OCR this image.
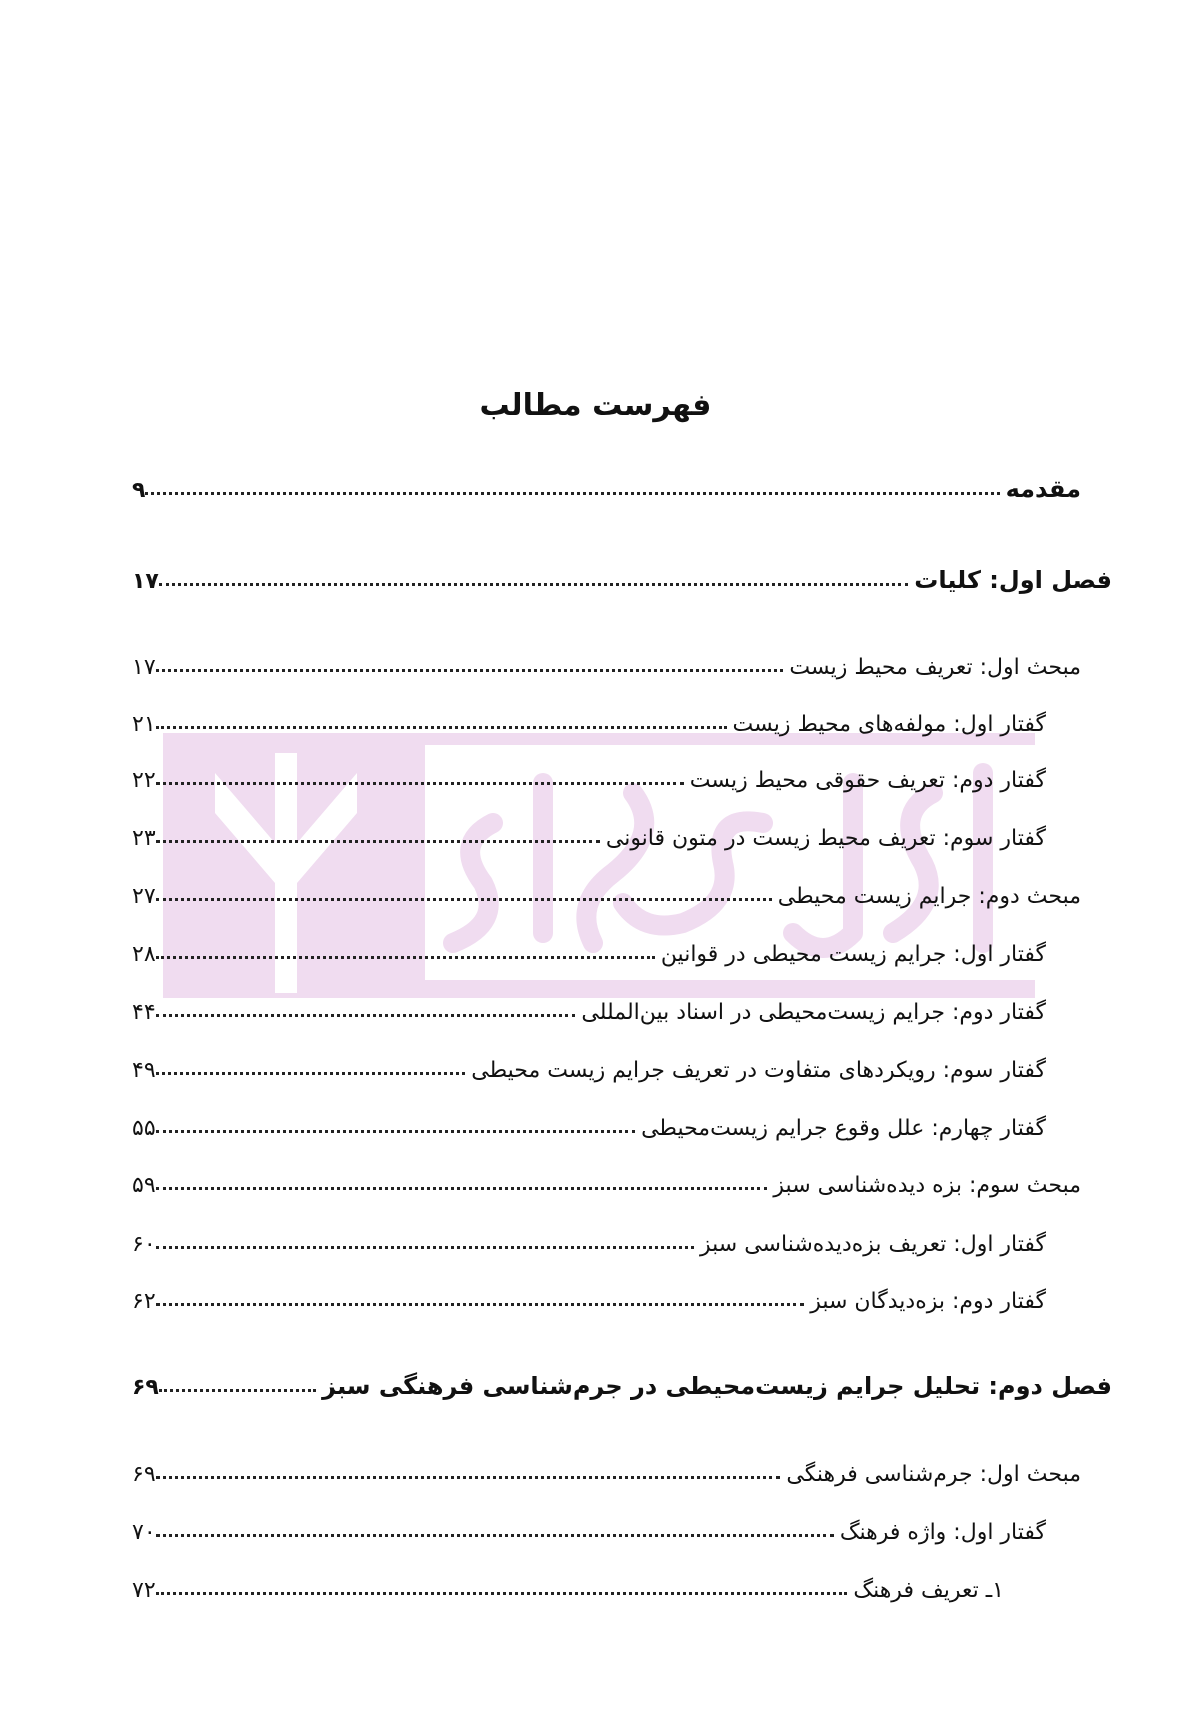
فهرست مطالب
مقدمه
۹
فصل اول: کلیات
۱۷
مبحث اول: تعریف محیط زیست
۱۷
گفتار اول: مولفه‌های محیط زیست
۲۱
گفتار دوم: تعریف حقوقی محیط زیست
۲۲
گفتار سوم: تعریف محیط زیست در متون قانونی
۲۳
مبحث دوم: جرایم زیست محیطی
۲۷
گفتار اول: جرایم زیست محیطی در قوانین
۲۸
گفتار دوم: جرایم زیست‌محیطی در اسناد بین‌المللی
۴۴
گفتار سوم: رویکردهای متفاوت در تعریف جرایم زیست محیطی
۴۹
گفتار چهارم: علل وقوع جرایم زیست‌محیطی
۵۵
مبحث سوم: بزه دیده‌شناسی سبز
۵۹
گفتار اول: تعریف بزه‌دیده‌شناسی سبز
۶۰
گفتار دوم: بزه‌دیدگان سبز
۶۲
فصل دوم: تحلیل جرایم زیست‌محیطی در جرم‌شناسی فرهنگی سبز
۶۹
مبحث اول: جرم‌شناسی فرهنگی
۶۹
گفتار اول: واژه فرهنگ
۷۰
۱ـ تعریف فرهنگ
۷۲
